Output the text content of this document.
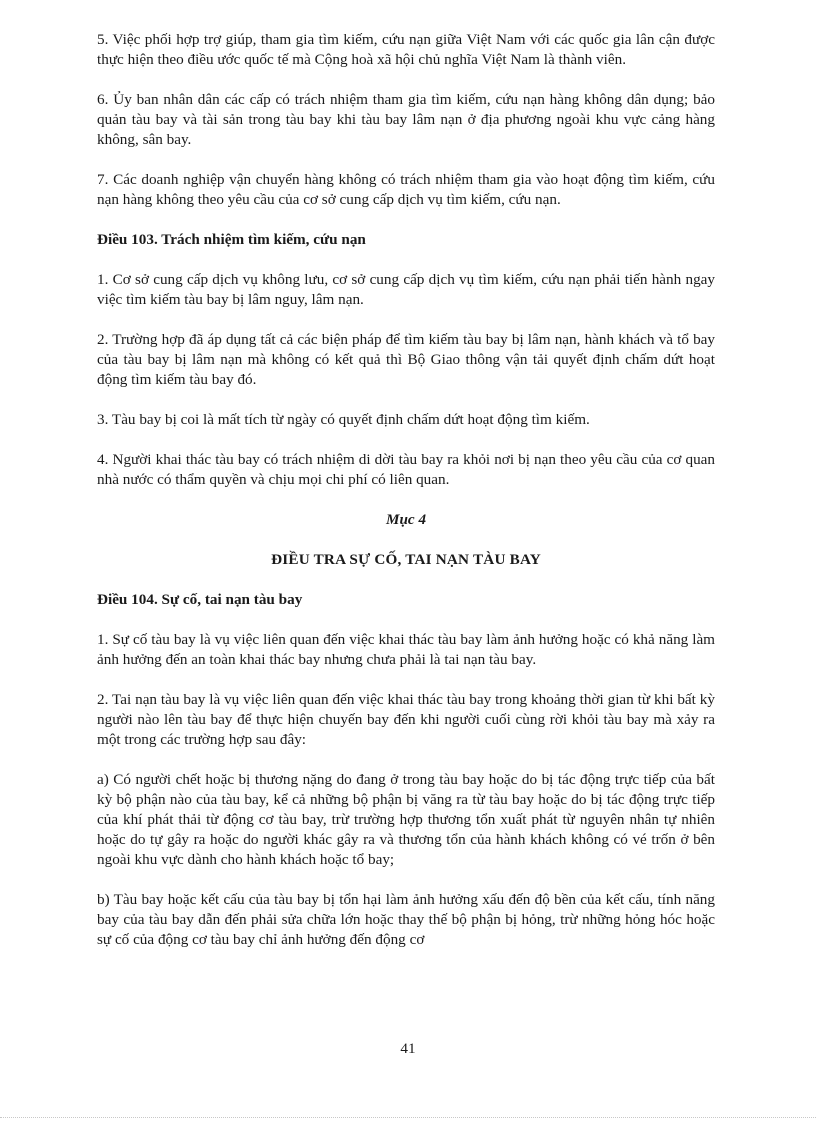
5. Việc phối hợp trợ giúp, tham gia tìm kiếm, cứu nạn giữa Việt Nam với các quốc gia lân cận được thực hiện theo điều ước quốc tế mà Cộng hoà xã hội chủ nghĩa Việt Nam là thành viên.

6. Ủy ban nhân dân các cấp có trách nhiệm tham gia tìm kiếm, cứu nạn hàng không dân dụng; bảo quản tàu bay và tài sản trong tàu bay khi tàu bay lâm nạn ở địa phương ngoài khu vực cảng hàng không, sân bay.

7. Các doanh nghiệp vận chuyển hàng không có trách nhiệm tham gia vào hoạt động tìm kiếm, cứu nạn hàng không theo yêu cầu của cơ sở cung cấp dịch vụ tìm kiếm, cứu nạn.

Điều 103. Trách nhiệm tìm kiếm, cứu nạn

1. Cơ sở cung cấp dịch vụ không lưu, cơ sở cung cấp dịch vụ tìm kiếm, cứu nạn phải tiến hành ngay việc tìm kiếm tàu bay bị lâm nguy, lâm nạn.

2. Trường hợp đã áp dụng tất cả các biện pháp để tìm kiếm tàu bay bị lâm nạn, hành khách và tổ bay của tàu bay bị lâm nạn mà không có kết quả thì Bộ Giao thông vận tải quyết định chấm dứt hoạt động tìm kiếm tàu bay đó.

3. Tàu bay bị coi là mất tích từ ngày có quyết định chấm dứt hoạt động tìm kiếm.

4. Người khai thác tàu bay có trách nhiệm di dời tàu bay ra khỏi nơi bị nạn theo yêu cầu của cơ quan nhà nước có thẩm quyền và chịu mọi chi phí có liên quan.

Mục 4

ĐIỀU TRA SỰ CỐ, TAI NẠN TÀU BAY

Điều 104. Sự cố, tai nạn tàu bay

1. Sự cố tàu bay là vụ việc liên quan đến việc khai thác tàu bay làm ảnh hưởng hoặc có khả năng làm ảnh hưởng đến an toàn khai thác bay nhưng chưa phải là tai nạn tàu bay.

2. Tai nạn tàu bay là vụ việc liên quan đến việc khai thác tàu bay trong khoảng thời gian từ khi bất kỳ người nào lên tàu bay để thực hiện chuyến bay đến khi người cuối cùng rời khỏi tàu bay mà xảy ra một trong các trường hợp sau đây:

a) Có người chết hoặc bị thương nặng do đang ở trong tàu bay hoặc do bị tác động trực tiếp của bất kỳ bộ phận nào của tàu bay, kể cả những bộ phận bị văng ra từ tàu bay hoặc do bị tác động trực tiếp của khí phát thải từ động cơ tàu bay, trừ trường hợp thương tổn xuất phát từ nguyên nhân tự nhiên hoặc do tự gây ra hoặc do người khác gây ra và thương tổn của hành khách không có vé trốn ở bên ngoài khu vực dành cho hành khách hoặc tổ bay;

b) Tàu bay hoặc kết cấu của tàu bay bị tổn hại làm ảnh hưởng xấu đến độ bền của kết cấu, tính năng bay của tàu bay dẫn đến phải sửa chữa lớn hoặc thay thế bộ phận bị hỏng, trừ những hỏng hóc hoặc sự cố của động cơ tàu bay chỉ ảnh hưởng đến động cơ

41
